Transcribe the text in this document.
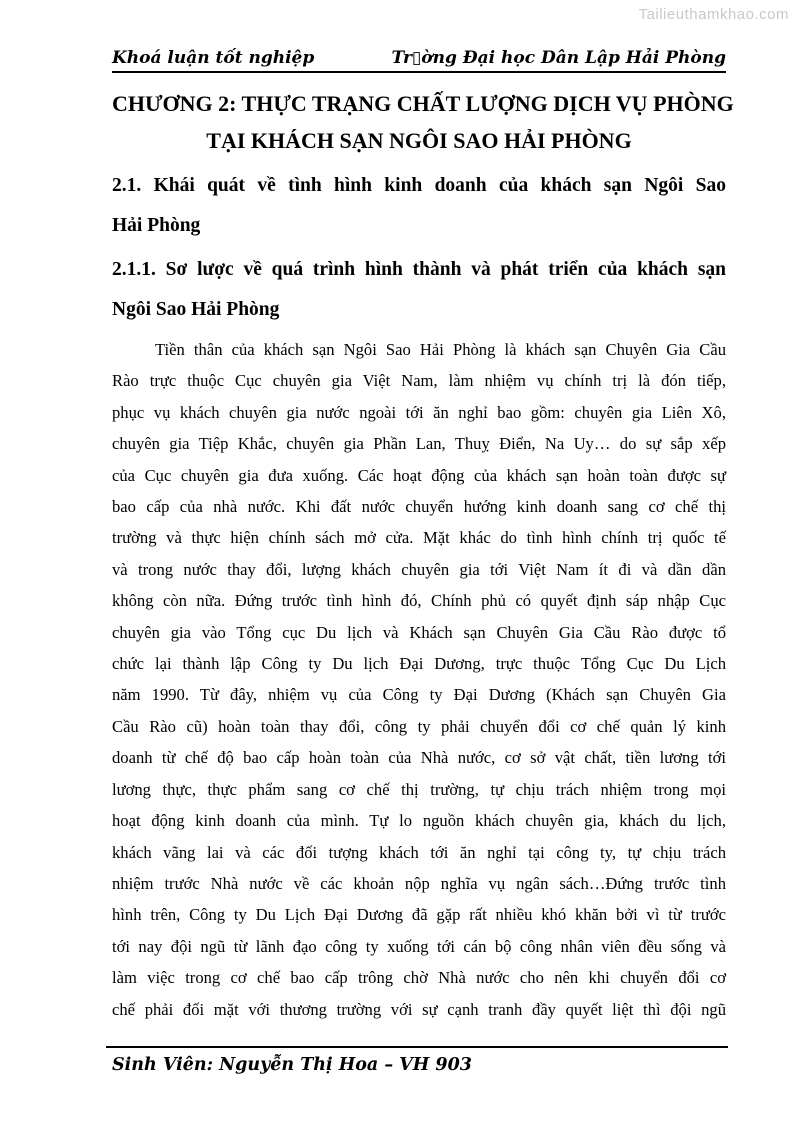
Tailieuthamkhao.com
Khoá luận tốt nghiệp	Tr▯ờng Đại học Dân Lập Hải Phòng
CHƯƠNG 2: THỰC TRẠNG CHẤT LƯỢNG DỊCH VỤ PHÒNG
TẠI KHÁCH SẠN NGÔI SAO HẢI PHÒNG
2.1. Khái quát về tình hình kinh doanh của khách sạn Ngôi Sao
Hải Phòng
2.1.1. Sơ lược về quá trình hình thành và phát triển của khách sạn
Ngôi Sao Hải Phòng
Tiền thân của khách sạn Ngôi Sao Hải Phòng là khách sạn Chuyên Gia Cầu
Rào trực thuộc Cục chuyên gia Việt Nam, làm nhiệm vụ chính trị là đón tiếp,
phục vụ khách chuyên gia nước ngoài tới ăn nghỉ bao gồm: chuyên gia Liên Xô,
chuyên gia Tiệp Khắc, chuyên gia Phần Lan, Thuỵ Điển, Na Uy… do sự sắp xếp
của Cục chuyên gia đưa xuống. Các hoạt động của khách sạn hoàn toàn được sự
bao cấp của nhà nước. Khi đất nước chuyển hướng kinh doanh sang cơ chế thị
trường và thực hiện chính sách mở cửa. Mặt khác do tình hình chính trị quốc tế
và trong nước thay đổi, lượng khách chuyên gia tới Việt Nam ít đi và dần dần
không còn nữa. Đứng trước tình hình đó, Chính phủ có quyết định sáp nhập Cục
chuyên gia vào Tổng cục Du lịch và Khách sạn Chuyên Gia Cầu Rào được tổ
chức lại thành lập Công ty Du lịch Đại Dương, trực thuộc Tổng Cục Du Lịch
năm 1990. Từ đây, nhiệm vụ của Công ty Đại Dương (Khách sạn Chuyên Gia
Cầu Rào cũ) hoàn toàn thay đổi, công ty phải chuyển đổi cơ chế quản lý kinh
doanh từ chế độ bao cấp hoàn toàn của Nhà nước, cơ sở vật chất, tiền lương tới
lương thực, thực phẩm sang cơ chế thị trường, tự chịu trách nhiệm trong mọi
hoạt động kinh doanh của mình. Tự lo nguồn khách chuyên gia, khách du lịch,
khách vãng lai và các đối tượng khách tới ăn nghỉ tại công ty, tự chịu trách
nhiệm trước Nhà nước về các khoản nộp nghĩa vụ ngân sách…Đứng trước tình
hình trên, Công ty Du Lịch Đại Dương đã gặp rất nhiều khó khăn bởi vì từ trước
tới nay đội ngũ từ lãnh đạo công ty xuống tới cán bộ công nhân viên đều sống và
làm việc trong cơ chế bao cấp trông chờ Nhà nước cho nên khi chuyển đổi cơ
chế phải đối mặt với thương trường với sự cạnh tranh đầy quyết liệt thì đội ngũ
Sinh Viên: Nguyễn Thị Hoa – VH 903
